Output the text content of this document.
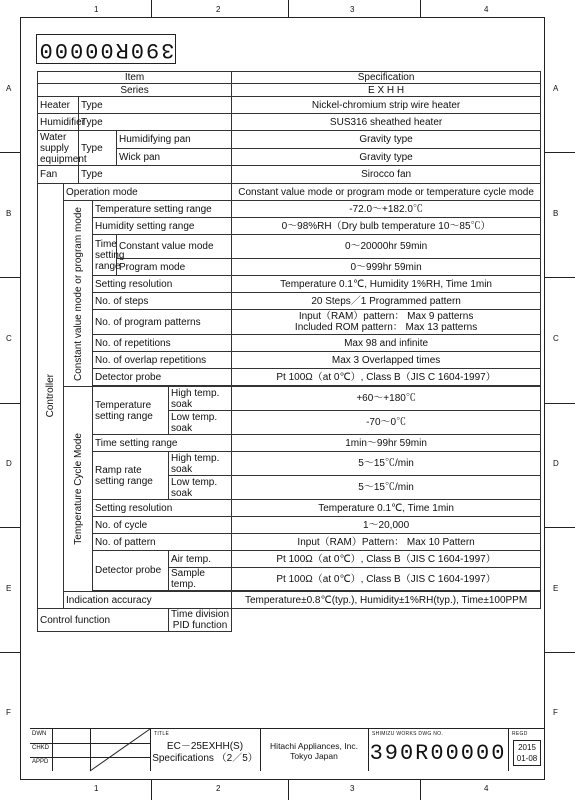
1	2	3	4
1	2	3	4
A
B
C
D
E
F
A
B
C
D
E
F
390R00000
Item						Specification
Series						E X H H
Heater		Type				Nickel-chromium strip wire heater
Humidifier		Type				SUS316 sheathed heater
Water supply equipment		Type		Humidifying pan		Gravity type
				Wick pan		Gravity type
Fan		Type				Sirocco fan

Controller	Operation mode					Constant value mode or program mode or temperature cycle mode

	Constant value mode or program mode		Temperature setting range			-72.0～+182.0℃
			Humidity setting range			0～98%RH（Dry bulb temperature 10～85℃）
			Time setting range	Constant value mode		0～20000hr 59min
				Program mode		0～999hr 59min
			Setting resolution			Temperature 0.1℃, Humidity 1%RH, Time 1min
			No. of steps			20 Steps／1 Programmed pattern
			No. of program patterns			Input（RAM）pattern： Max 9 patterns
Included ROM pattern： Max 13 patterns

			No. of repetitions			Max 98 and infinite
			No. of overlap repetitions			Max 3 Overlapped times
			Detector probe			Pt 100Ω（at 0℃）, Class B（JIS C 1604-1997）

	Temperature Cycle Mode		Temperature setting range		High temp. soak	+60～+180℃
					Low temp. soak	-70～0℃
			Time setting range			1min～99hr 59min
			Ramp rate setting range		High temp. soak	5～15℃/min
					Low temp. soak	5～15℃/min
			Setting resolution			Temperature 0.1℃, Time 1min
			No. of cycle			1～20,000
			No. of pattern			Input（RAM）Pattern： Max 10 Pattern
			Detector probe		Air temp.	Pt 100Ω（at 0℃）, Class B（JIS C 1604-1997）
					Sample temp.	Pt 100Ω（at 0℃）, Class B（JIS C 1604-1997）

	Indication accuracy					Temperature±0.8℃(typ.), Humidity±1%RH(typ.), Time±100PPM
Control function					Time division PID function	
DWN
CHKD
APPD
TITLE
EC－25EXHH(S)
Specifications （2／5）
Hitachi Appliances, Inc.
Tokyo Japan
SHIMIZU WORKS DWG NO.
390R00000
REGD
2015
01-08
